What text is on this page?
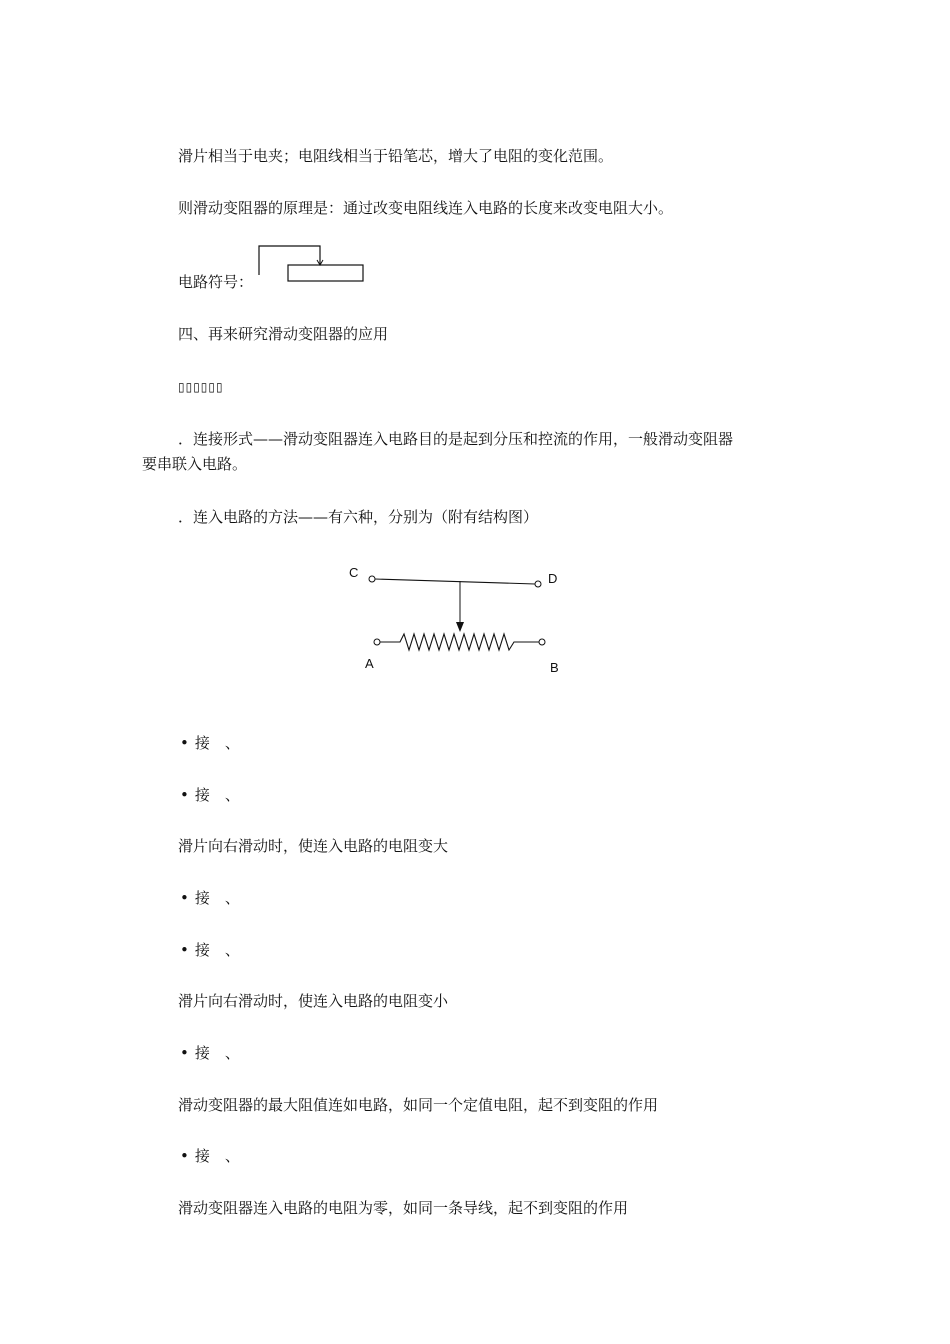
滑片相当于电夹；电阻线相当于铅笔芯，增大了电阻的变化范围。
则滑动变阻器的原理是：通过改变电阻线连入电路的长度来改变电阻大小。
电路符号：
四、再来研究滑动变阻器的应用
▯▯▯▯▯▯
．连接形式——滑动变阻器连入电路目的是起到分压和控流的作用，一般滑动变阻器
要串联入电路。
．连入电路的方法——有六种，分别为（附有结构图）
C	D
A	B
• 接　、
• 接　、
滑片向右滑动时，使连入电路的电阻变大
• 接　、
• 接　、
滑片向右滑动时，使连入电路的电阻变小
• 接　、
滑动变阻器的最大阻值连如电路，如同一个定值电阻，起不到变阻的作用
• 接　、
滑动变阻器连入电路的电阻为零，如同一条导线，起不到变阻的作用
